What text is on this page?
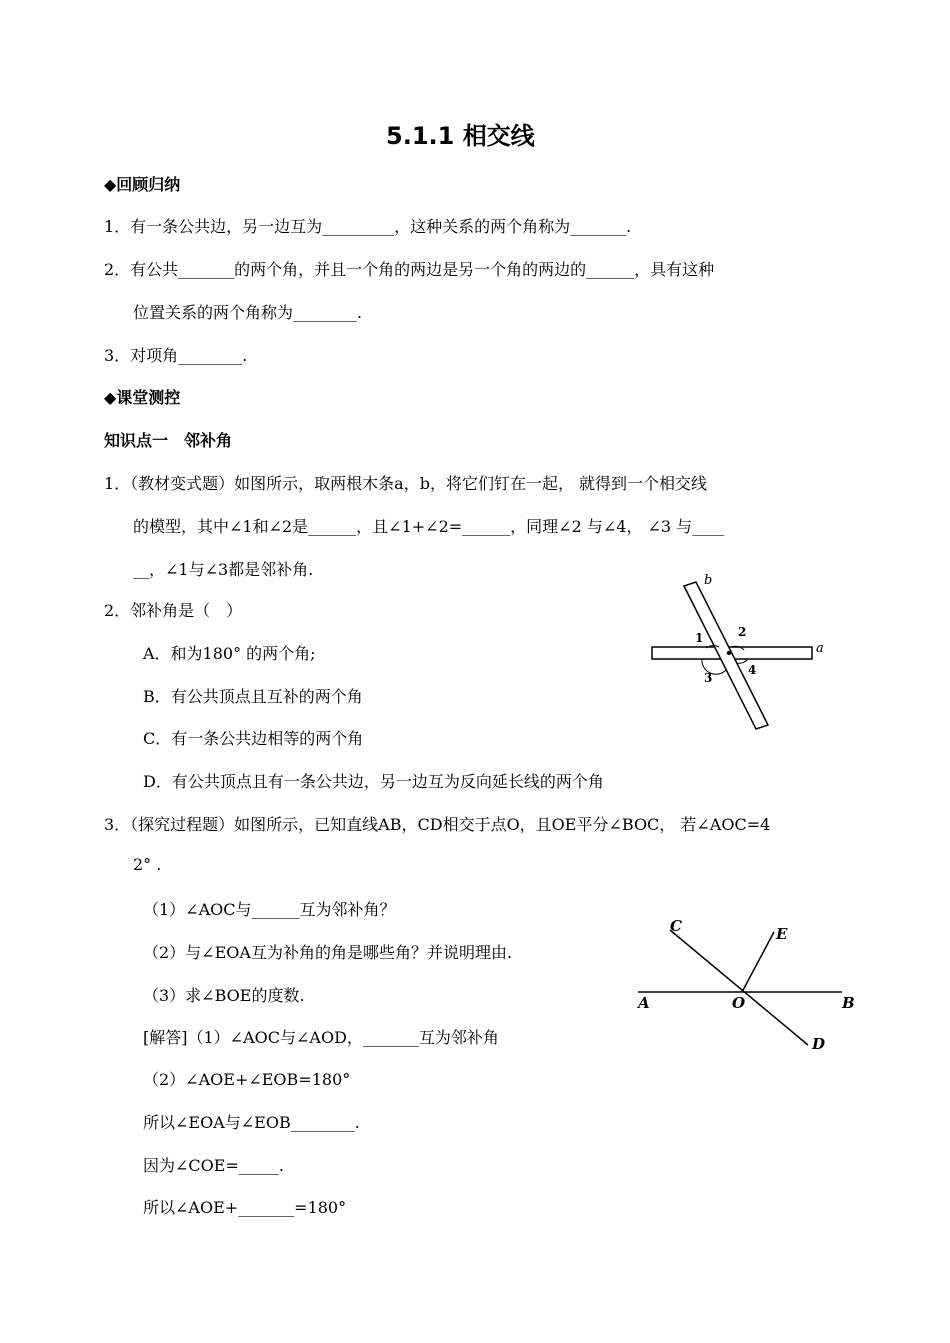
5.1.1 相交线
◆回顾归纳
1．有一条公共边，另一边互为_________，这种关系的两个角称为_______.
2．有公共_______的两个角，并且一个角的两边是另一个角的两边的______，具有这种
位置关系的两个角称为________.
3．对项角________.
◆课堂测控
知识点一　邻补角
1．（教材变式题）如图所示，取两根木条a，b，将它们钉在一起， 就得到一个相交线
的模型，其中∠1和∠2是______，且∠1+∠2=______，同理∠2 与∠4， ∠3 与____
__，∠1与∠3都是邻补角.
2．邻补角是（　）
A．和为180° 的两个角;
B．有公共顶点且互补的两个角
C．有一条公共边相等的两个角
D．有公共顶点且有一条公共边，另一边互为反向延长线的两个角
3．（探究过程题）如图所示，已知直线AB，CD相交于点O，且OE平分∠BOC， 若∠AOC=4
2° .
（1）∠AOC与______互为邻补角？
（2）与∠EOA互为补角的角是哪些角？并说明理由.
（3）求∠BOE的度数.
[解答]（1）∠AOC与∠AOD，_______互为邻补角
（2）∠AOE+∠EOB=180°
所以∠EOA与∠EOB________.
因为∠COE=_____.
所以∠AOE+_______=180°
b
a
1	2
3
4
C	E
A	O	B
D
